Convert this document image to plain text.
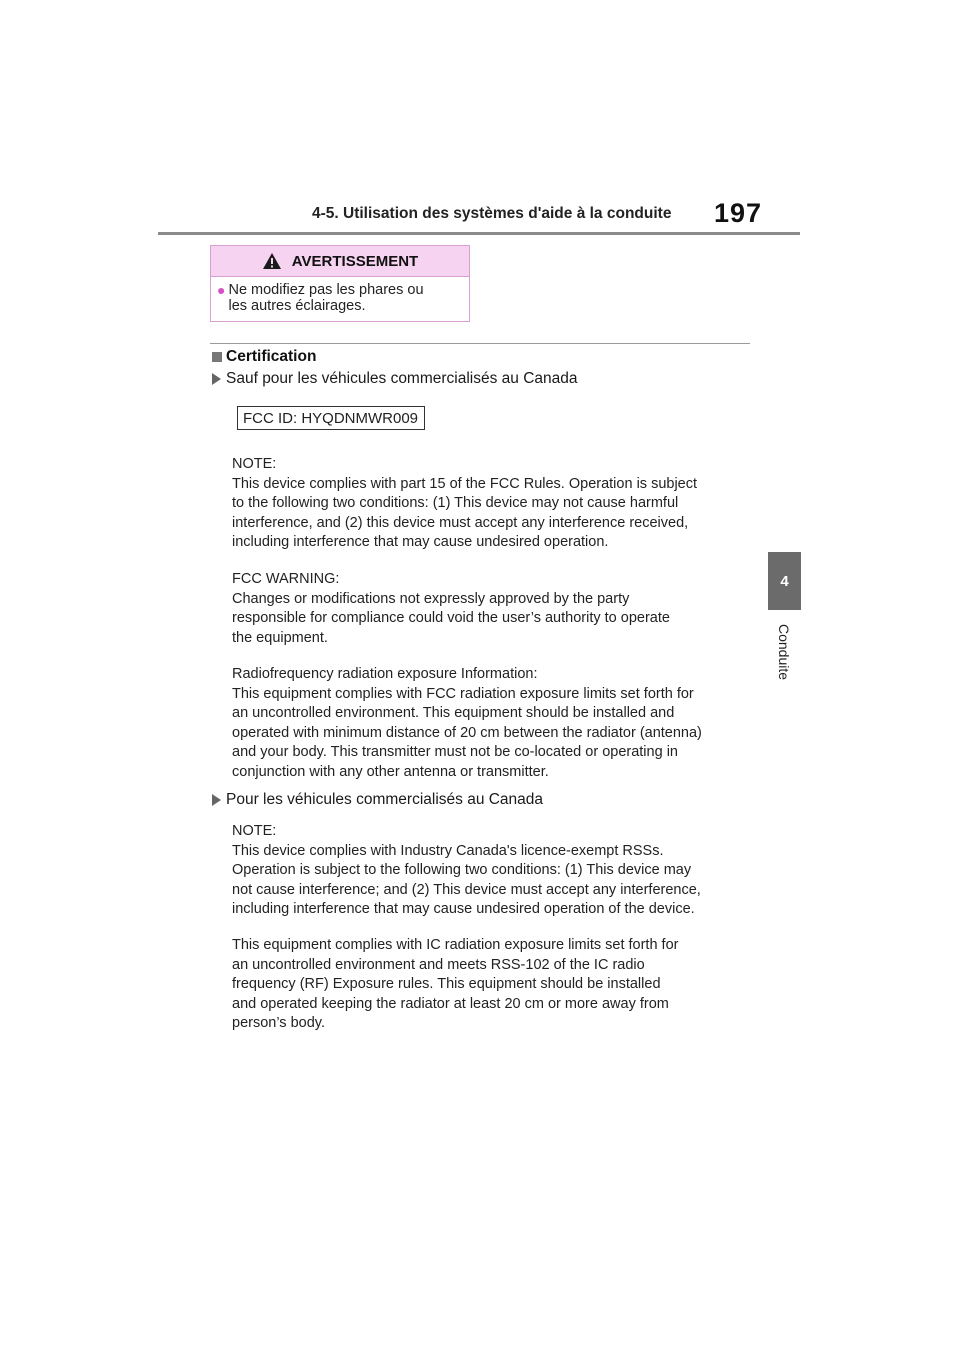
4-5. Utilisation des systèmes d'aide à la conduite 197
4
Conduite
AVERTISSEMENT
● Ne modifiez pas les phares ou
les autres éclairages.
Certification
Sauf pour les véhicules commercialisés au Canada
FCC ID: HYQDNMWR009
NOTE:
This device complies with part 15 of the FCC Rules. Operation is subject
to the following two conditions: (1) This device may not cause harmful
interference, and (2) this device must accept any interference received,
including interference that may cause undesired operation.
FCC WARNING:
Changes or modifications not expressly approved by the party
responsible for compliance could void the user’s authority to operate
the equipment.
Radiofrequency radiation exposure Information:
This equipment complies with FCC radiation exposure limits set forth for
an uncontrolled environment. This equipment should be installed and
operated with minimum distance of 20 cm between the radiator (antenna)
and your body. This transmitter must not be co-located or operating in
conjunction with any other antenna or transmitter.
Pour les véhicules commercialisés au Canada
NOTE:
This device complies with Industry Canada's licence-exempt RSSs.
Operation is subject to the following two conditions: (1) This device may
not cause interference; and (2) This device must accept any interference,
including interference that may cause undesired operation of the device.
This equipment complies with IC radiation exposure limits set forth for
an uncontrolled environment and meets RSS-102 of the IC radio
frequency (RF) Exposure rules. This equipment should be installed
and operated keeping the radiator at least 20 cm or more away from
person’s body.
